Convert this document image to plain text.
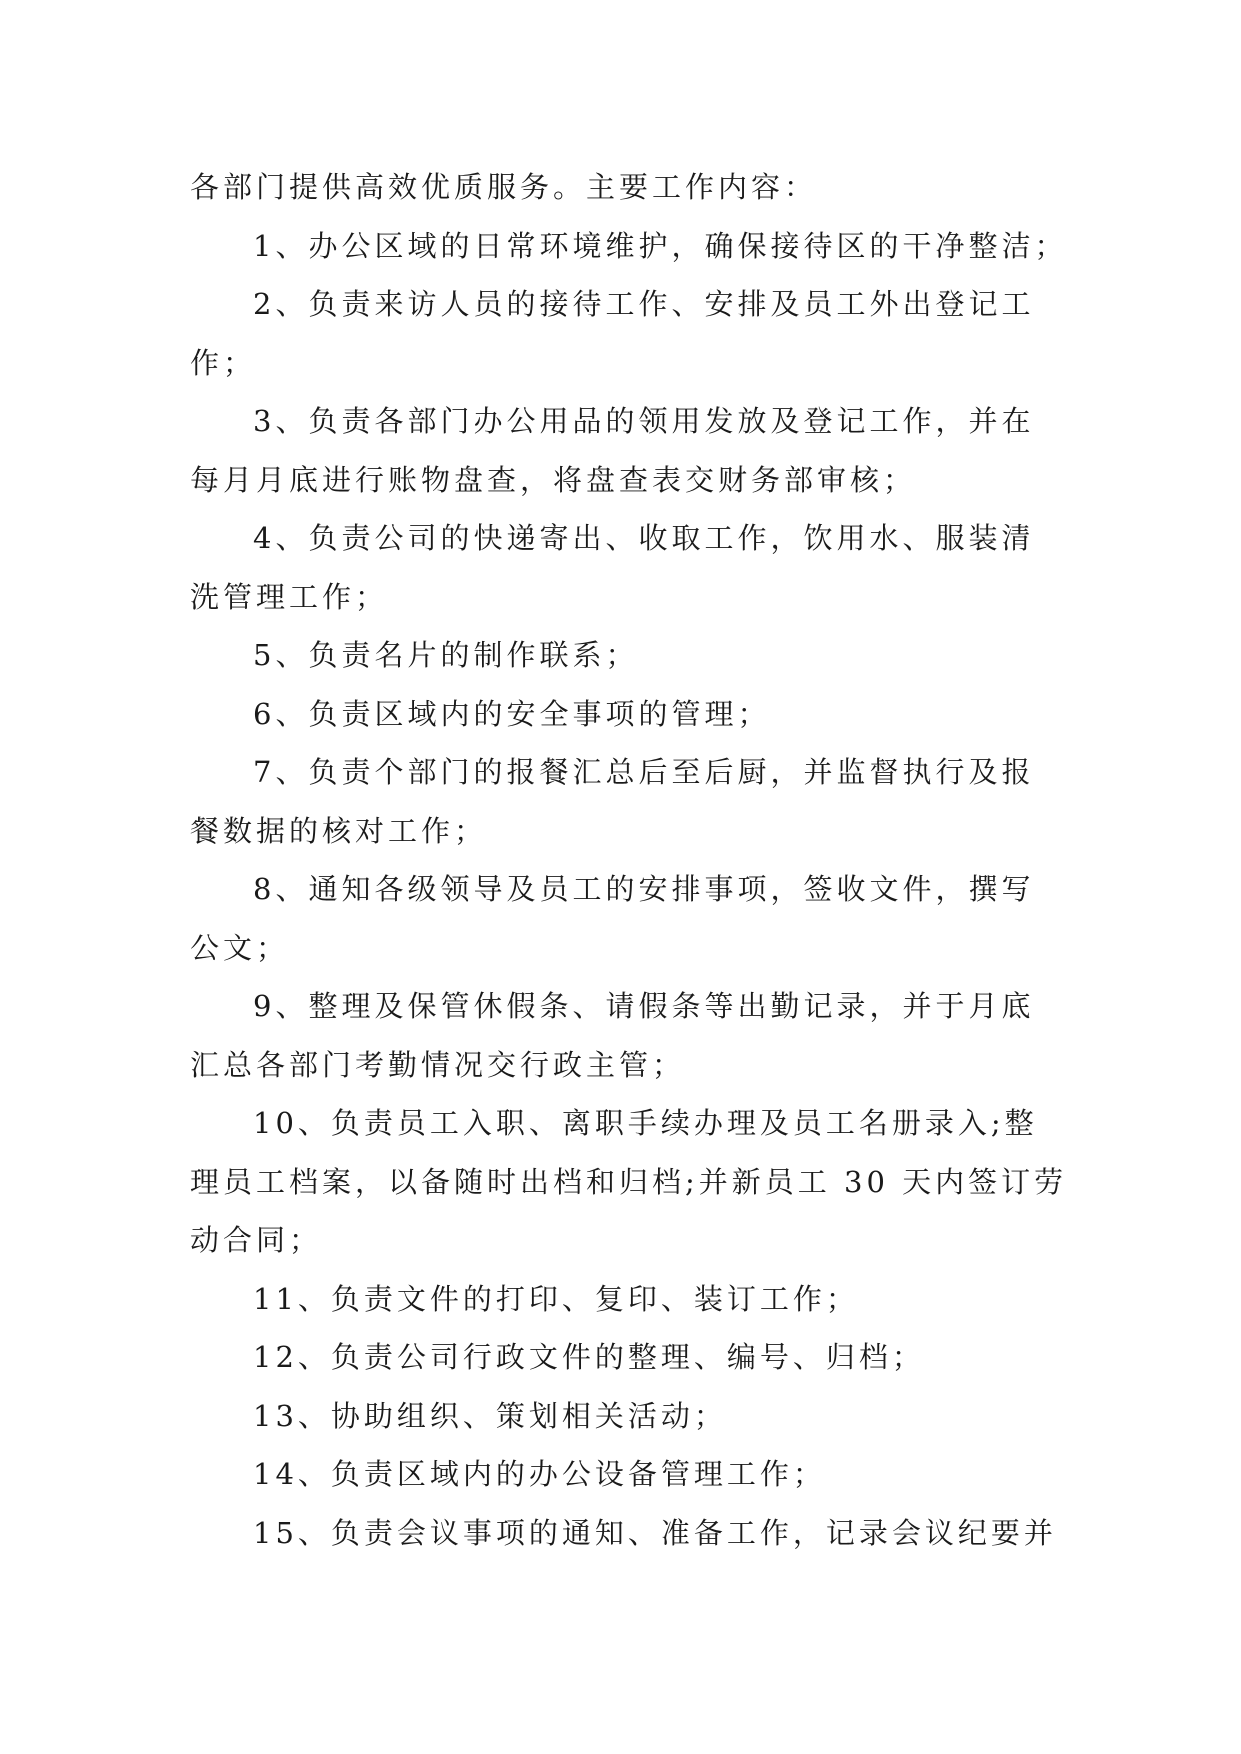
各部门提供高效优质服务。主要工作内容：
1、办公区域的日常环境维护，确保接待区的干净整洁；
2、负责来访人员的接待工作、安排及员工外出登记工
作；
3、负责各部门办公用品的领用发放及登记工作，并在
每月月底进行账物盘查，将盘查表交财务部审核；
4、负责公司的快递寄出、收取工作，饮用水、服装清
洗管理工作；
5、负责名片的制作联系；
6、负责区域内的安全事项的管理；
7、负责个部门的报餐汇总后至后厨，并监督执行及报
餐数据的核对工作；
8、通知各级领导及员工的安排事项，签收文件，撰写
公文；
9、整理及保管休假条、请假条等出勤记录，并于月底
汇总各部门考勤情况交行政主管；
10、负责员工入职、离职手续办理及员工名册录入;整
理员工档案，以备随时出档和归档;并新员工 30 天内签订劳
动合同；
11、负责文件的打印、复印、装订工作；
12、负责公司行政文件的整理、编号、归档；
13、协助组织、策划相关活动；
14、负责区域内的办公设备管理工作；
15、负责会议事项的通知、准备工作，记录会议纪要并
